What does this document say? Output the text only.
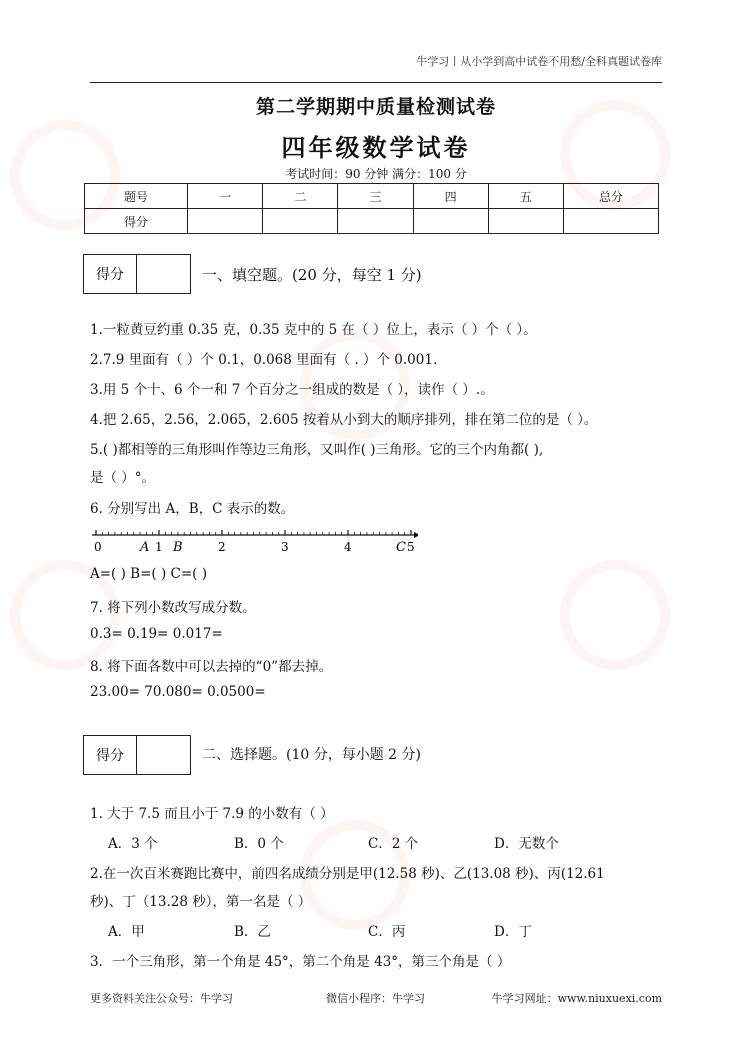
牛学习丨从小学到高中试卷不用愁/全科真题试卷库
第二学期期中质量检测试卷
四年级数学试卷
考试时间：90 分钟 满分：100 分
题号	一	二	三	四	五	总分
得分						
得分	一、填空题。(20 分，每空 1 分)
1.一粒黄豆约重 0.35 克，0.35 克中的 5 在（ ）位上，表示（ ）个（ ）。
2.7.9 里面有（ ）个 0.1，0.068 里面有（ . ）个 0.001.
3.用 5 个十、6 个一和 7 个百分之一组成的数是（ ），读作（ ）.。
4.把 2.65，2.56，2.065，2.605 按着从小到大的顺序排列，排在第二位的是（ ）。
5.( )都相等的三角形叫作等边三角形，又叫作( )三角形。它的三个内角都( ),
是（ ）°。
6. 分别写出 A，B，C 表示的数。
0	1	2	3	4	5
A B	C
A=( ) B=( ) C=( )
7. 将下列小数改写成分数。
0.3= 0.19= 0.017=
8. 将下面各数中可以去掉的“0”都去掉。
23.00= 70.080= 0.0500=
得分	二、选择题。(10 分，每小题 2 分)
1. 大于 7.5 而且小于 7.9 的小数有（ ）
A．3 个	B．0 个	C．2 个	D．无数个
2.在一次百米赛跑比赛中，前四名成绩分别是甲(12.58 秒)、乙(13.08 秒)、丙(12.61
秒)、丁（13.28 秒），第一名是（ ）
A．甲	B．乙	C．丙	D．丁
3．一个三角形，第一个角是 45°，第二个角是 43°，第三个角是（ ）
更多资料关注公众号：牛学习	微信小程序：牛学习	牛学习网址：www.niuxuexi.com
